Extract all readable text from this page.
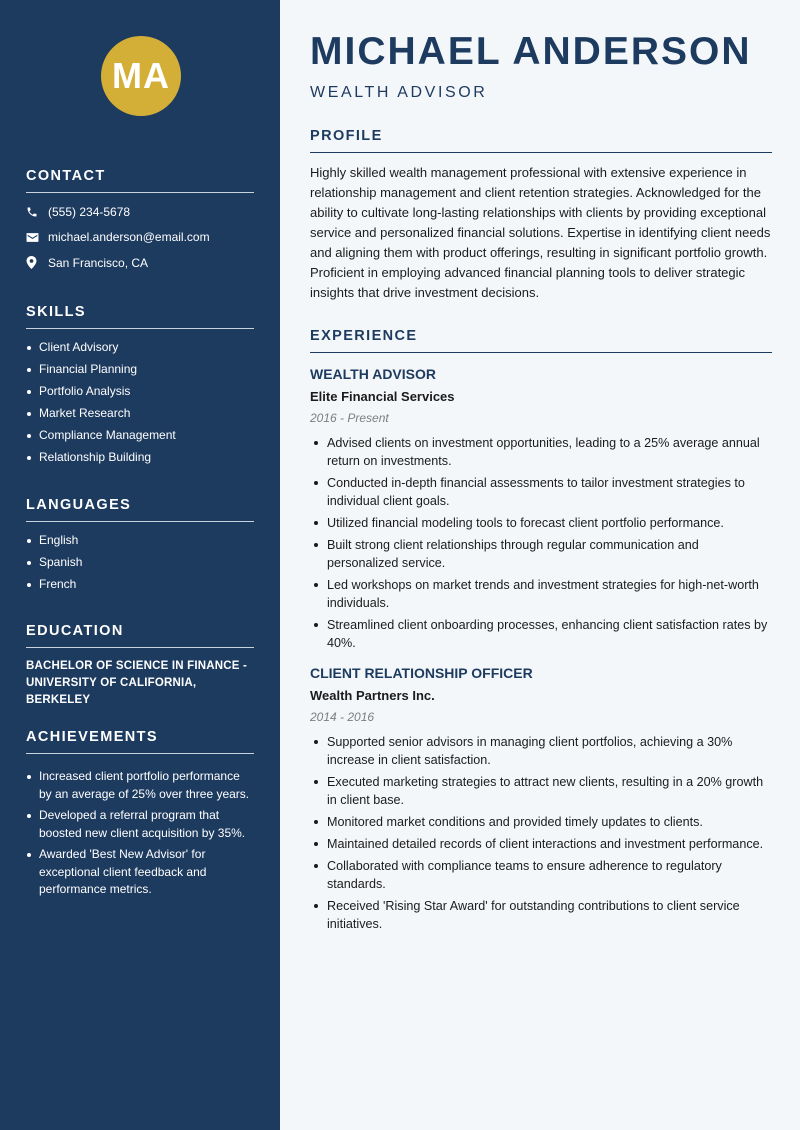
MA
CONTACT
(555) 234-5678
michael.anderson@email.com
San Francisco, CA
SKILLS
Client Advisory
Financial Planning
Portfolio Analysis
Market Research
Compliance Management
Relationship Building
LANGUAGES
English
Spanish
French
EDUCATION
BACHELOR OF SCIENCE IN FINANCE - UNIVERSITY OF CALIFORNIA, BERKELEY
ACHIEVEMENTS
Increased client portfolio performance by an average of 25% over three years.
Developed a referral program that boosted new client acquisition by 35%.
Awarded 'Best New Advisor' for exceptional client feedback and performance metrics.
MICHAEL ANDERSON
WEALTH ADVISOR
PROFILE

Highly skilled wealth management professional with extensive experience in relationship management and client retention strategies. Acknowledged for the ability to cultivate long-lasting relationships with clients by providing exceptional service and personalized financial solutions. Expertise in identifying client needs and aligning them with product offerings, resulting in significant portfolio growth. Proficient in employing advanced financial planning tools to deliver strategic insights that drive investment decisions.

EXPERIENCE
WEALTH ADVISOR
Elite Financial Services
2016 - Present
Advised clients on investment opportunities, leading to a 25% average annual return on investments.
Conducted in-depth financial assessments to tailor investment strategies to individual client goals.
Utilized financial modeling tools to forecast client portfolio performance.
Built strong client relationships through regular communication and personalized service.
Led workshops on market trends and investment strategies for high-net-worth individuals.
Streamlined client onboarding processes, enhancing client satisfaction rates by 40%.
CLIENT RELATIONSHIP OFFICER
Wealth Partners Inc.
2014 - 2016
Supported senior advisors in managing client portfolios, achieving a 30% increase in client satisfaction.
Executed marketing strategies to attract new clients, resulting in a 20% growth in client base.
Monitored market conditions and provided timely updates to clients.
Maintained detailed records of client interactions and investment performance.
Collaborated with compliance teams to ensure adherence to regulatory standards.
Received 'Rising Star Award' for outstanding contributions to client service initiatives.
